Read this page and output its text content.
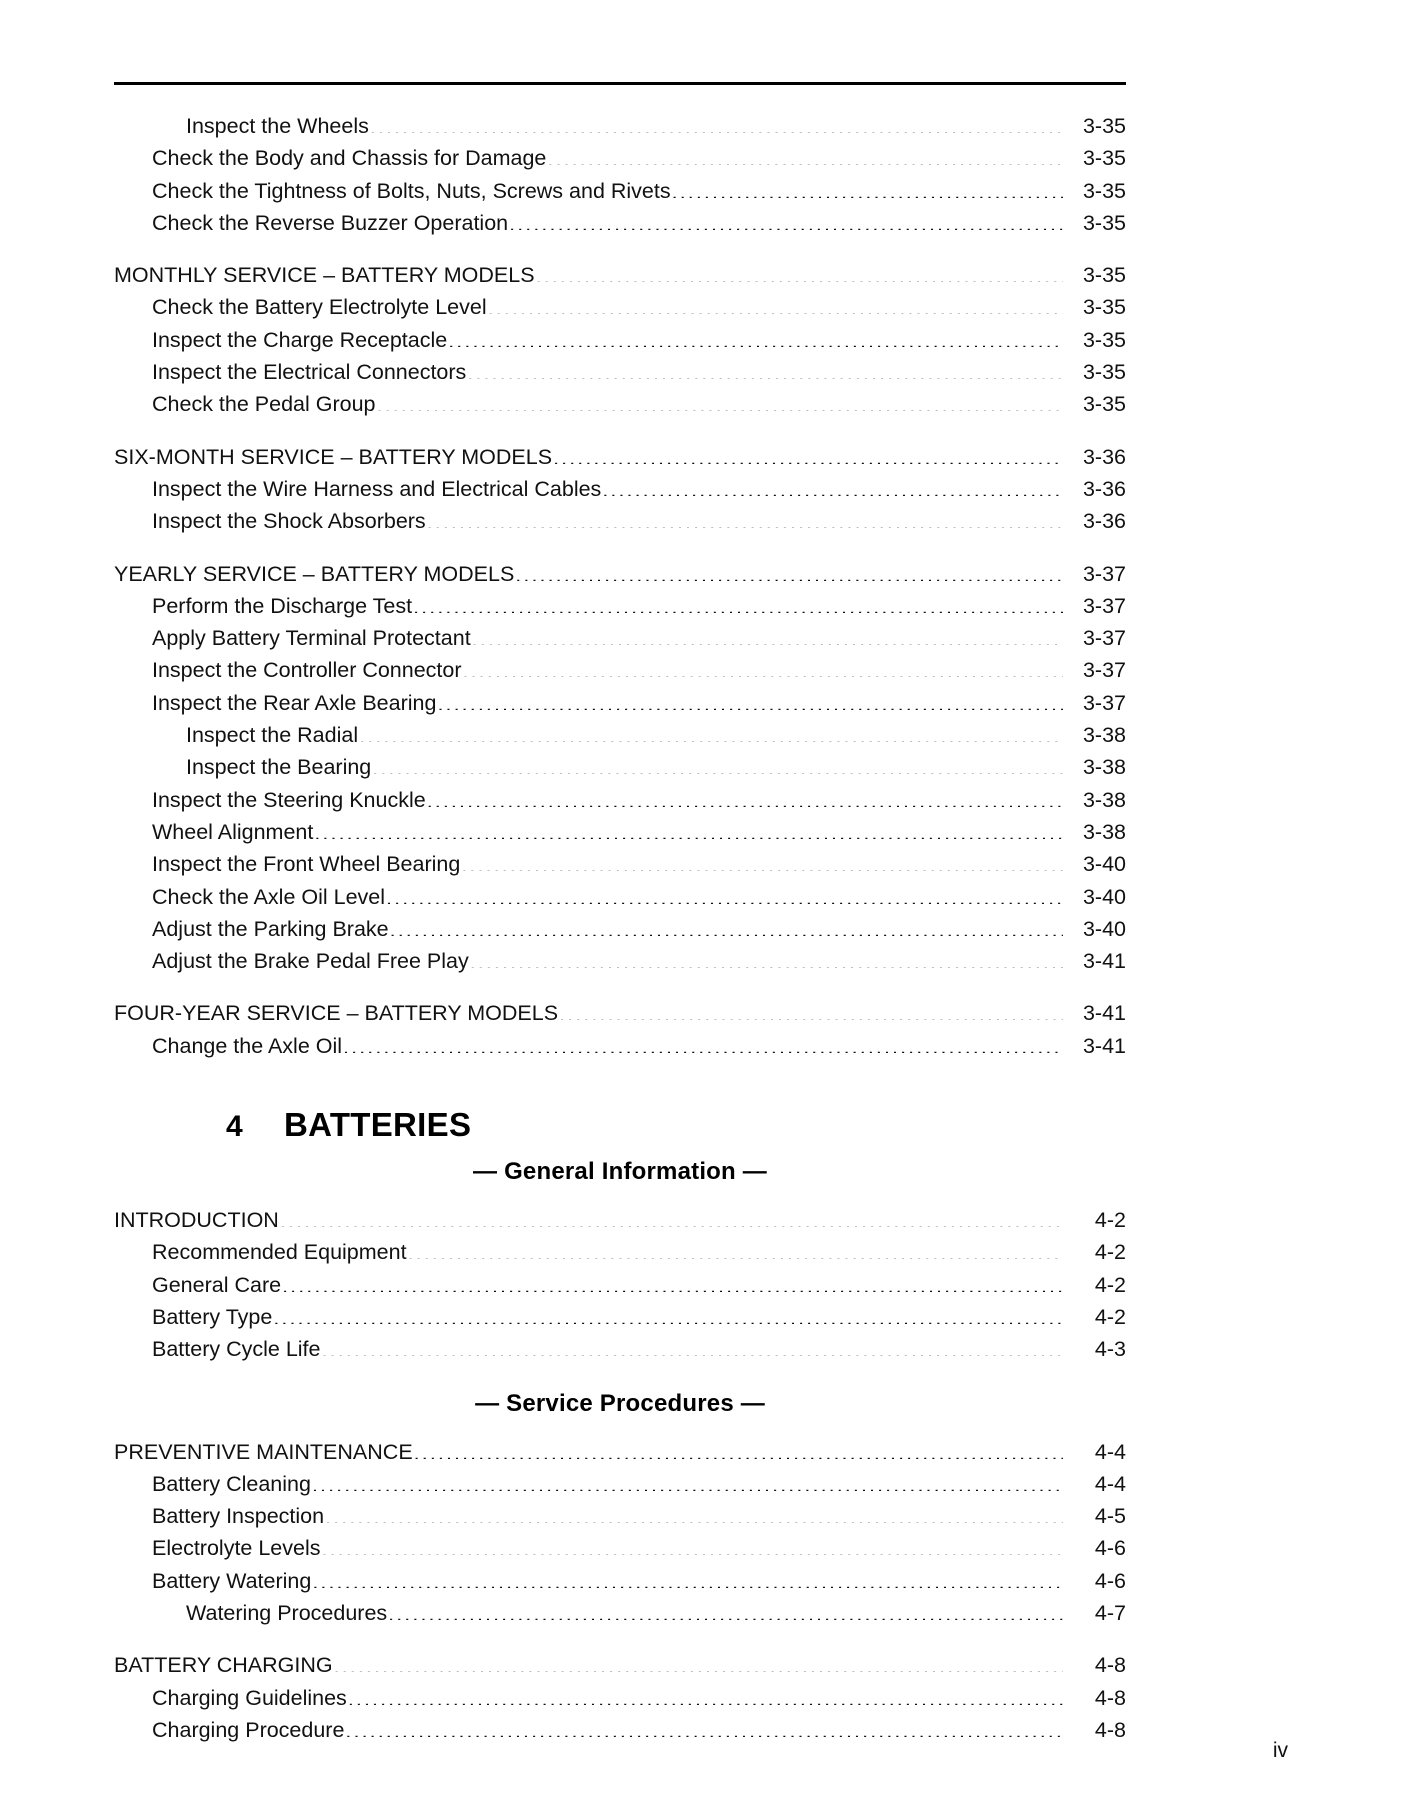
Inspect the Wheels .....	3-35
Check the Body and Chassis for Damage .....	3-35
Check the Tightness of Bolts, Nuts, Screws and Rivets .....	3-35
Check the Reverse Buzzer Operation .....	3-35
MONTHLY SERVICE – BATTERY MODELS .....	3-35
Check the Battery Electrolyte Level .....	3-35
Inspect the Charge Receptacle .....	3-35
Inspect the Electrical Connectors .....	3-35
Check the Pedal Group .....	3-35
SIX-MONTH SERVICE – BATTERY MODELS .....	3-36
Inspect the Wire Harness and Electrical Cables .....	3-36
Inspect the Shock Absorbers .....	3-36
YEARLY SERVICE – BATTERY MODELS .....	3-37
Perform the Discharge Test .....	3-37
Apply Battery Terminal Protectant .....	3-37
Inspect the Controller Connector .....	3-37
Inspect the Rear Axle Bearing .....	3-37
Inspect the Radial .....	3-38
Inspect the Bearing .....	3-38
Inspect the Steering Knuckle .....	3-38
Wheel Alignment .....	3-38
Inspect the Front Wheel Bearing .....	3-40
Check the Axle Oil Level .....	3-40
Adjust the Parking Brake .....	3-40
Adjust the Brake Pedal Free Play .....	3-41
FOUR-YEAR SERVICE – BATTERY MODELS .....	3-41
Change the Axle Oil .....	3-41
4	BATTERIES
— General Information —
INTRODUCTION .....	4-2
Recommended Equipment .....	4-2
General Care .....	4-2
Battery Type .....	4-2
Battery Cycle Life .....	4-3
— Service Procedures —
PREVENTIVE MAINTENANCE .....	4-4
Battery Cleaning .....	4-4
Battery Inspection .....	4-5
Electrolyte Levels .....	4-6
Battery Watering .....	4-6
Watering Procedures .....	4-7
BATTERY CHARGING .....	4-8
Charging Guidelines .....	4-8
Charging Procedure .....	4-8
iv
